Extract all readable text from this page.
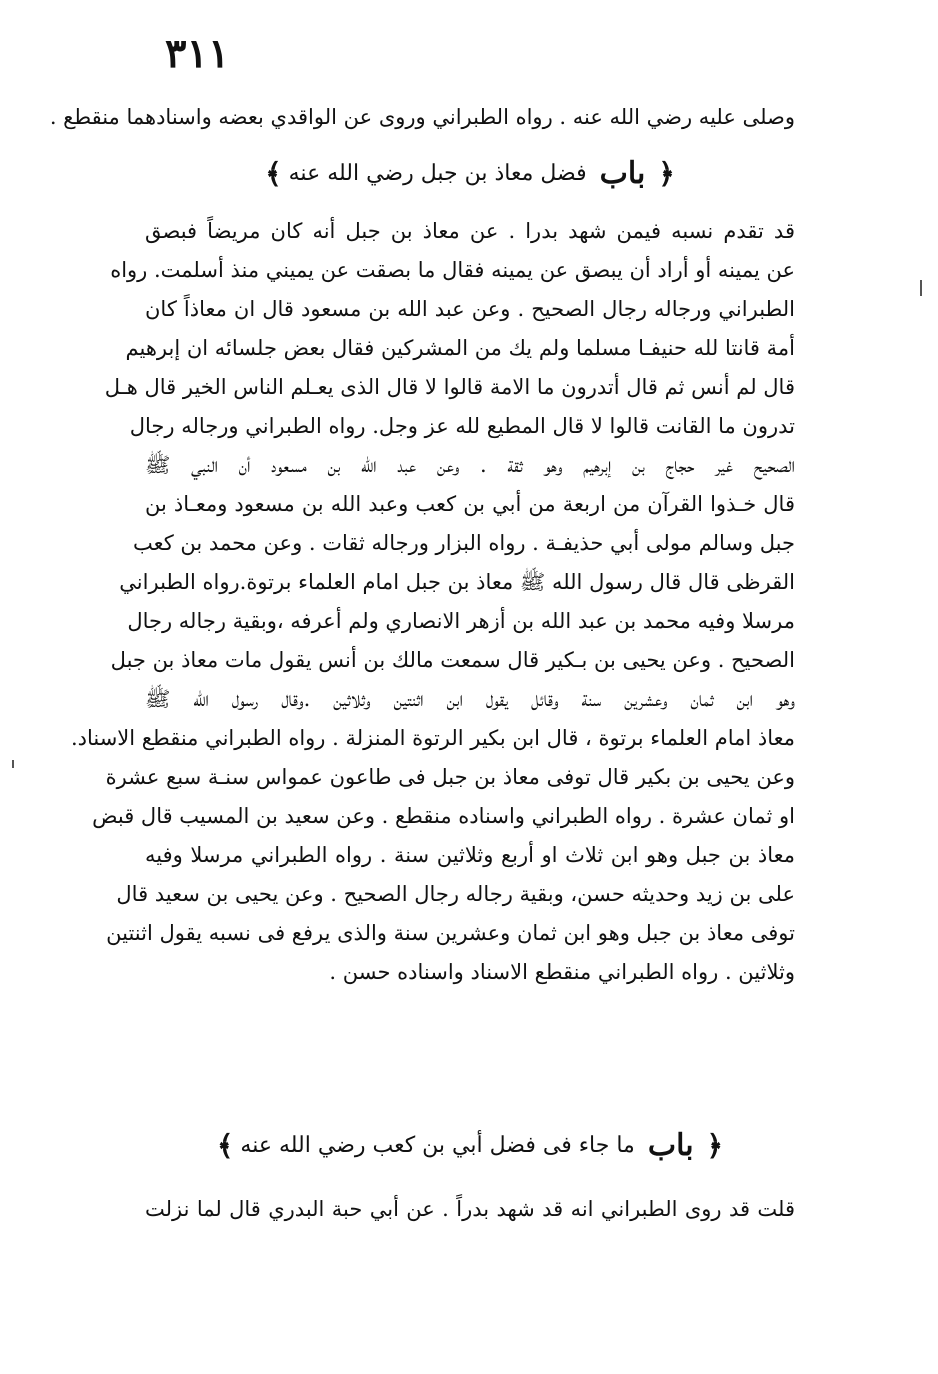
٣١١
وصلى عليه رضي الله عنه . رواه الطبراني وروى عن الواقدي بعضه واسنادهما منقطع .
﴿ باب فضل معاذ بن جبل رضي الله عنه ﴾
قد تقدم نسبه فيمن شهد بدرا . عن معاذ بن جبل أنه كان مريضاً فبصق
عن يمينه أو أراد أن يبصق عن يمينه فقال ما بصقت عن يميني منذ أسلمت. رواه
الطبراني ورجاله رجال الصحيح . وعن عبد الله بن مسعود قال ان معاذاً كان
أمة قانتا لله حنيفـا مسلما ولم يك من المشركين فقال بعض جلسائه ان إبرهيم
قال لم أنس ثم قال أتدرون ما الامة قالوا لا قال الذى يعـلم الناس الخير قال هـل
تدرون ما القانت قالوا لا قال المطيع لله عز وجل. رواه الطبراني ورجاله رجال
الصحيح غير حجاج بن إبرهيم وهو ثقة . وعن عبد الله بن مسعود أن النبي ﷺ
قال خـذوا القرآن من اربعة من أبي بن كعب وعبد الله بن مسعود ومعـاذ بن
جبل وسالم مولى أبي حذيفـة . رواه البزار ورجاله ثقات . وعن محمد بن كعب
القرظى قال قال رسول الله ﷺ معاذ بن جبل امام العلماء برتوة.رواه الطبراني
مرسلا وفيه محمد بن عبد الله بن أزهر الانصاري ولم أعرفه ،وبقية رجاله رجال
الصحيح . وعن يحيى بن بـكير قال سمعت مالك بن أنس يقول مات معاذ بن جبل
وهو ابن ثمان وعشرين سنة وقائل يقول ابن اثنتين وثلاثين .وقال رسول الله ﷺ
معاذ امام العلماء برتوة ، قال ابن بكير الرتوة المنزلة . رواه الطبراني منقطع الاسناد.
وعن يحيى بن بكير قال توفى معاذ بن جبل فى طاعون عمواس سنـة سبع عشرة
او ثمان عشرة . رواه الطبراني واسناده منقطع . وعن سعيد بن المسيب قال قبض
معاذ بن جبل وهو ابن ثلاث او أربع وثلاثين سنة . رواه الطبراني مرسلا وفيه
على بن زيد وحديثه حسن، وبقية رجاله رجال الصحيح . وعن يحيى بن سعيد قال
توفى معاذ بن جبل وهو ابن ثمان وعشرين سنة والذى يرفع فى نسبه يقول اثنتين
وثلاثين . رواه الطبراني منقطع الاسناد واسناده حسن .
﴿ باب ما جاء فى فضل أبي بن كعب رضي الله عنه ﴾
قلت قد روى الطبراني انه قد شهد بدراً . عن أبي حبة البدري قال لما نزلت
